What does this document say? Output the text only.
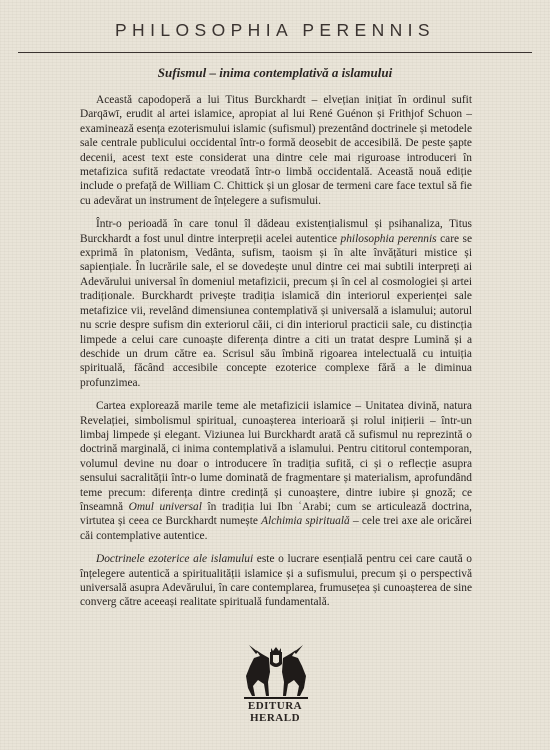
PHILOSOPHIA PERENNIS
Sufismul – inima contemplativă a islamului

Această capodoperă a lui Titus Burckhardt – elvețian inițiat în ordinul sufit Darqāwī, erudit al artei islamice, apropiat al lui René Guénon și Frithjof Schuon – examinează esența ezoterismului islamic (sufismul) prezentând doctrinele și metodele sale centrale publicului occidental într-o formă deosebit de accesibilă. De peste șapte decenii, acest text este considerat una dintre cele mai riguroase introduceri în metafizica sufită redactate vreodată într-o limbă occidentală. Această nouă ediție include o prefață de William C. Chittick și un glosar de termeni care face textul să fie cu adevărat un instrument de înțelegere a sufismului.

Într-o perioadă în care tonul îl dădeau existențialismul și psihanaliza, Titus Burckhardt a fost unul dintre interpreții acelei autentice philosophia perennis care se exprimă în platonism, Vedânta, sufism, taoism și în alte învățături mistice și sapiențiale. În lucrările sale, el se dovedește unul dintre cei mai subtili interpreți ai Adevărului universal în domeniul metafizicii, precum și în cel al cosmologiei și artei tradiționale. Burckhardt privește tradiția islamică din interiorul experienței sale metafizice vii, revelând dimensiunea contemplativă și universală a islamului; autorul nu scrie despre sufism din exteriorul căii, ci din interiorul practicii sale, cu distincția limpede a celui care cunoaște diferența dintre a citi un tratat despre Lumină și a deschide un drum către ea. Scrisul său îmbină rigoarea intelectuală cu intuiția spirituală, făcând accesibile concepte ezoterice complexe fără a le diminua profunzimea.

Cartea explorează marile teme ale metafizicii islamice – Unitatea divină, natura Revelației, simbolismul spiritual, cunoașterea interioară și rolul inițierii – într-un limbaj limpede și elegant. Viziunea lui Burckhardt arată că sufismul nu reprezintă o doctrină marginală, ci inima contemplativă a islamului. Pentru cititorul contemporan, volumul devine nu doar o introducere în tradiția sufită, ci și o reflecție asupra sensului sacralității într-o lume dominată de fragmentare și materialism, aprofundând teme precum: diferența dintre credință și cunoaștere, dintre iubire și gnoză; ce înseamnă Omul universal în tradiția lui Ibn ʿArabi; cum se articulează doctrina, virtutea și ceea ce Burckhardt numește Alchimia spirituală – cele trei axe ale oricărei căi contemplative autentice.

Doctrinele ezoterice ale islamului este o lucrare esențială pentru cei care caută o înțelegere autentică a spiritualității islamice și a sufismului, precum și o perspectivă universală asupra Adevărului, în care contemplarea, frumusețea și cunoașterea de sine converg către aceeași realitate spirituală fundamentală.

EDITURA
HERALD
